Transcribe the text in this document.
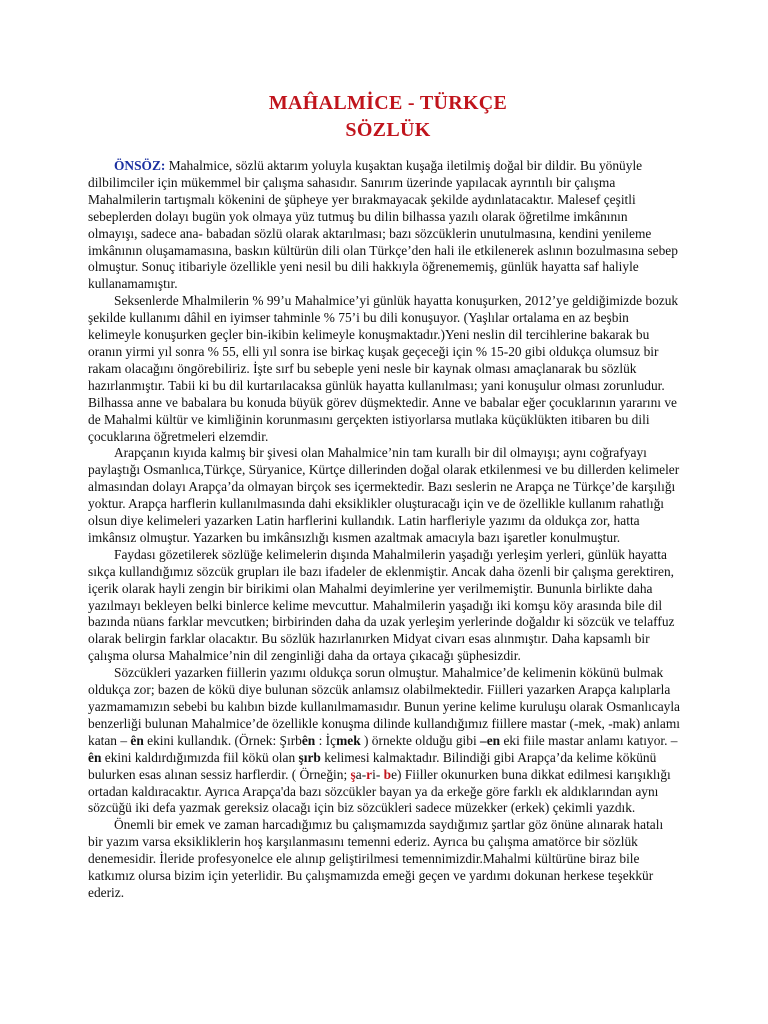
MAĤALMİCE - TÜRKÇE
SÖZLÜK

ÖNSÖZ: Mahalmice, sözlü aktarım yoluyla kuşaktan kuşağa iletilmiş doğal bir dildir. Bu yönüyle dilbilimciler için mükemmel bir çalışma sahasıdır. Sanırım üzerinde yapılacak ayrıntılı bir çalışma Mahalmilerin tartışmalı kökenini de şüpheye yer bırakmayacak şekilde aydınlatacaktır. Malesef çeşitli sebeplerden dolayı bugün yok olmaya yüz tutmuş bu dilin bilhassa yazılı olarak öğretilme imkânının olmayışı, sadece ana- babadan sözlü olarak aktarılması; bazı sözcüklerin unutulmasına, kendini yenileme imkânının oluşamamasına, baskın kültürün dili olan Türkçe’den hali ile etkilenerek aslının bozulmasına sebep olmuştur. Sonuç itibariyle özellikle yeni nesil bu dili hakkıyla öğrenememiş, günlük hayatta saf haliyle kullanamamıştır.

Seksenlerde Mhalmilerin % 99’u Mahalmice’yi günlük hayatta konuşurken, 2012’ye geldiğimizde bozuk şekilde kullanımı dâhil en iyimser tahminle % 75’i bu dili konuşuyor. (Yaşlılar ortalama en az beşbin kelimeyle konuşurken geçler bin-ikibin kelimeyle konuşmaktadır.)Yeni neslin dil tercihlerine bakarak bu oranın yirmi yıl sonra % 55, elli yıl sonra ise birkaç kuşak geçeceği için % 15-20 gibi oldukça olumsuz bir rakam olacağını öngörebiliriz. İşte sırf bu sebeple yeni nesle bir kaynak olması amaçlanarak bu sözlük hazırlanmıştır. Tabii ki bu dil kurtarılacaksa günlük hayatta kullanılması; yani konuşulur olması zorunludur. Bilhassa anne ve babalara bu konuda büyük görev düşmektedir. Anne ve babalar eğer çocuklarının yararını ve de Mahalmi kültür ve kimliğinin korunmasını gerçekten istiyorlarsa mutlaka küçüklükten itibaren bu dili çocuklarına öğretmeleri elzemdir.

Arapçanın kıyıda kalmış bir şivesi olan Mahalmice’nin tam kurallı bir dil olmayışı; aynı coğrafyayı paylaştığı Osmanlıca,Türkçe, Süryanice, Kürtçe dillerinden doğal olarak etkilenmesi ve bu dillerden kelimeler almasından dolayı Arapça’da olmayan birçok ses içermektedir. Bazı seslerin ne Arapça ne Türkçe’de karşılığı yoktur. Arapça harflerin kullanılmasında dahi eksiklikler oluşturacağı için ve de özellikle kullanım rahatlığı olsun diye kelimeleri yazarken Latin harflerini kullandık. Latin harfleriyle yazımı da oldukça zor, hatta imkânsız olmuştur. Yazarken bu imkânsızlığı kısmen azaltmak amacıyla bazı işaretler konulmuştur.

Faydası gözetilerek sözlüğe kelimelerin dışında Mahalmilerin yaşadığı yerleşim yerleri, günlük hayatta sıkça kullandığımız sözcük grupları ile bazı ifadeler de eklenmiştir. Ancak daha özenli bir çalışma gerektiren, içerik olarak hayli zengin bir birikimi olan Mahalmi deyimlerine yer verilmemiştir. Bununla birlikte daha yazılmayı bekleyen belki binlerce kelime mevcuttur. Mahalmilerin yaşadığı iki komşu köy arasında bile dil bazında nüans farklar mevcutken; birbirinden daha da uzak yerleşim yerlerinde doğaldır ki sözcük ve telaffuz olarak belirgin farklar olacaktır. Bu sözlük hazırlanırken Midyat civarı esas alınmıştır. Daha kapsamlı bir çalışma olursa Mahalmice’nin dil zenginliği daha da ortaya çıkacağı şüphesizdir.

Sözcükleri yazarken fiillerin yazımı oldukça sorun olmuştur. Mahalmice’de kelimenin kökünü bulmak oldukça zor; bazen de kökü diye bulunan sözcük anlamsız olabilmektedir. Fiilleri yazarken Arapça kalıplarla yazmamamızın sebebi bu kalıbın bizde kullanılmamasıdır. Bunun yerine kelime kuruluşu olarak Osmanlıcayla benzerliği bulunan Mahalmice’de özellikle konuşma dilinde kullandığımız fiillere mastar (-mek, -mak) anlamı katan – ên ekini kullandık. (Örnek: Şırbên : İçmek ) örnekte olduğu gibi –en eki fiile mastar anlamı katıyor. – ên ekini kaldırdığımızda fiil kökü olan şırb kelimesi kalmaktadır. Bilindiği gibi Arapça’da kelime kökünü bulurken esas alınan sessiz harflerdir. ( Örneğin; şa-ri- be) Fiiller okunurken buna dikkat edilmesi karışıklığı ortadan kaldıracaktır. Ayrıca Arapça'da bazı sözcükler bayan ya da erkeğe göre farklı ek aldıklarından aynı sözcüğü iki defa yazmak gereksiz olacağı için biz sözcükleri sadece müzekker (erkek) çekimli yazdık.

Önemli bir emek ve zaman harcadığımız bu çalışmamızda saydığımız şartlar göz önüne alınarak hatalı bir yazım varsa eksikliklerin hoş karşılanmasını temenni ederiz. Ayrıca bu çalışma amatörce bir sözlük denemesidir. İleride profesyonelce ele alınıp geliştirilmesi temennimizdir.Mahalmi kültürüne biraz bile katkımız olursa bizim için yeterlidir. Bu çalışmamızda emeği geçen ve yardımı dokunan herkese teşekkür ederiz.
